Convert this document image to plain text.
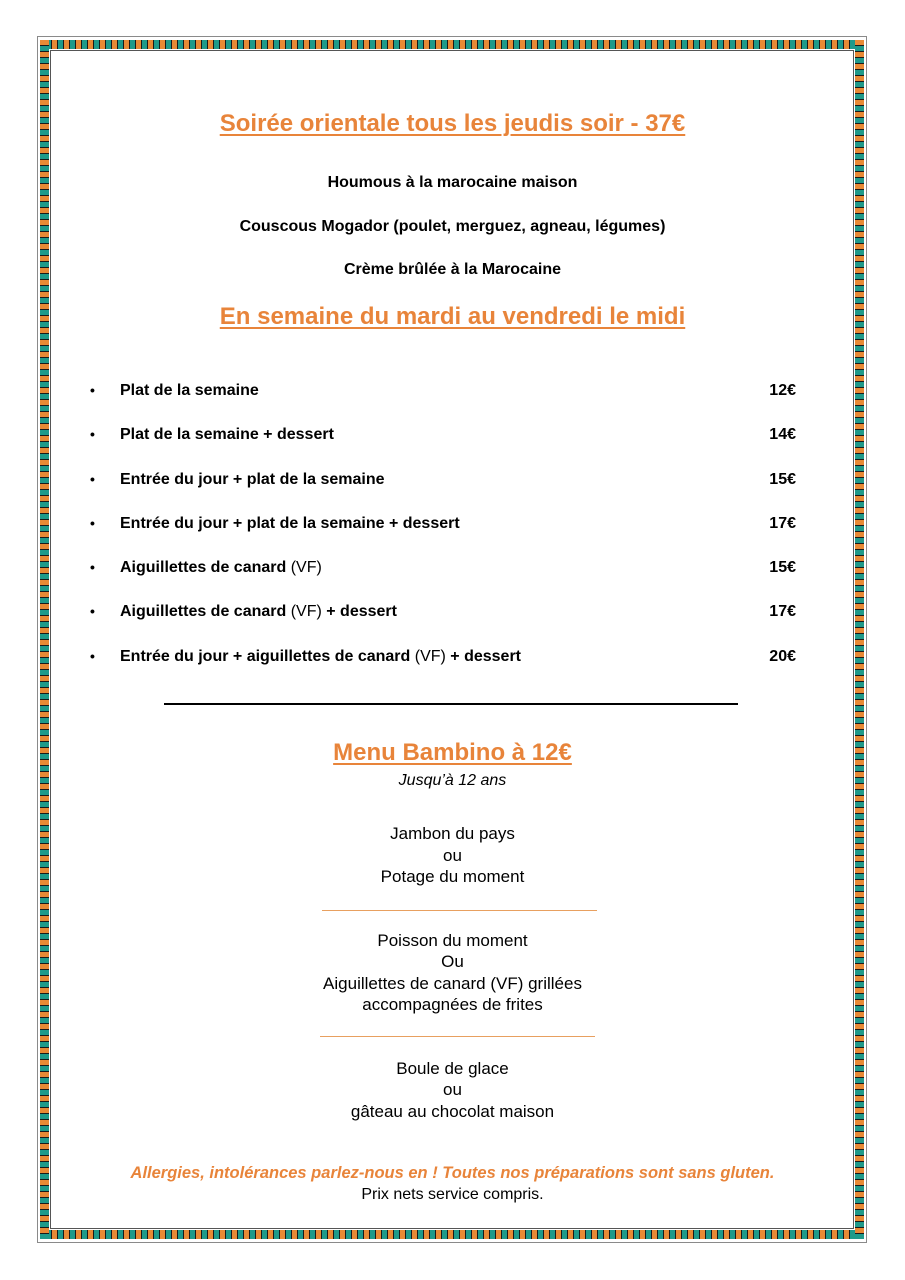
Soirée orientale tous les jeudis soir - 37€
Houmous à la marocaine maison
Couscous Mogador (poulet, merguez, agneau, légumes)
Crème brûlée à la Marocaine
En semaine du mardi au vendredi le midi
• Plat de la semaine	12€
• Plat de la semaine + dessert	14€
• Entrée du jour + plat de la semaine	15€
• Entrée du jour + plat de la semaine + dessert	17€
• Aiguillettes de canard (VF)	15€
• Aiguillettes de canard (VF) + dessert	17€
• Entrée du jour + aiguillettes de canard (VF) + dessert	20€
Menu Bambino à 12€
Jusqu’à 12 ans
Jambon du pays
ou
Potage du moment
Poisson du moment
Ou
Aiguillettes de canard (VF) grillées
accompagnées de frites
Boule de glace
ou
gâteau au chocolat maison
Allergies, intolérances parlez-nous en ! Toutes nos préparations sont sans gluten.
Prix nets service compris.
